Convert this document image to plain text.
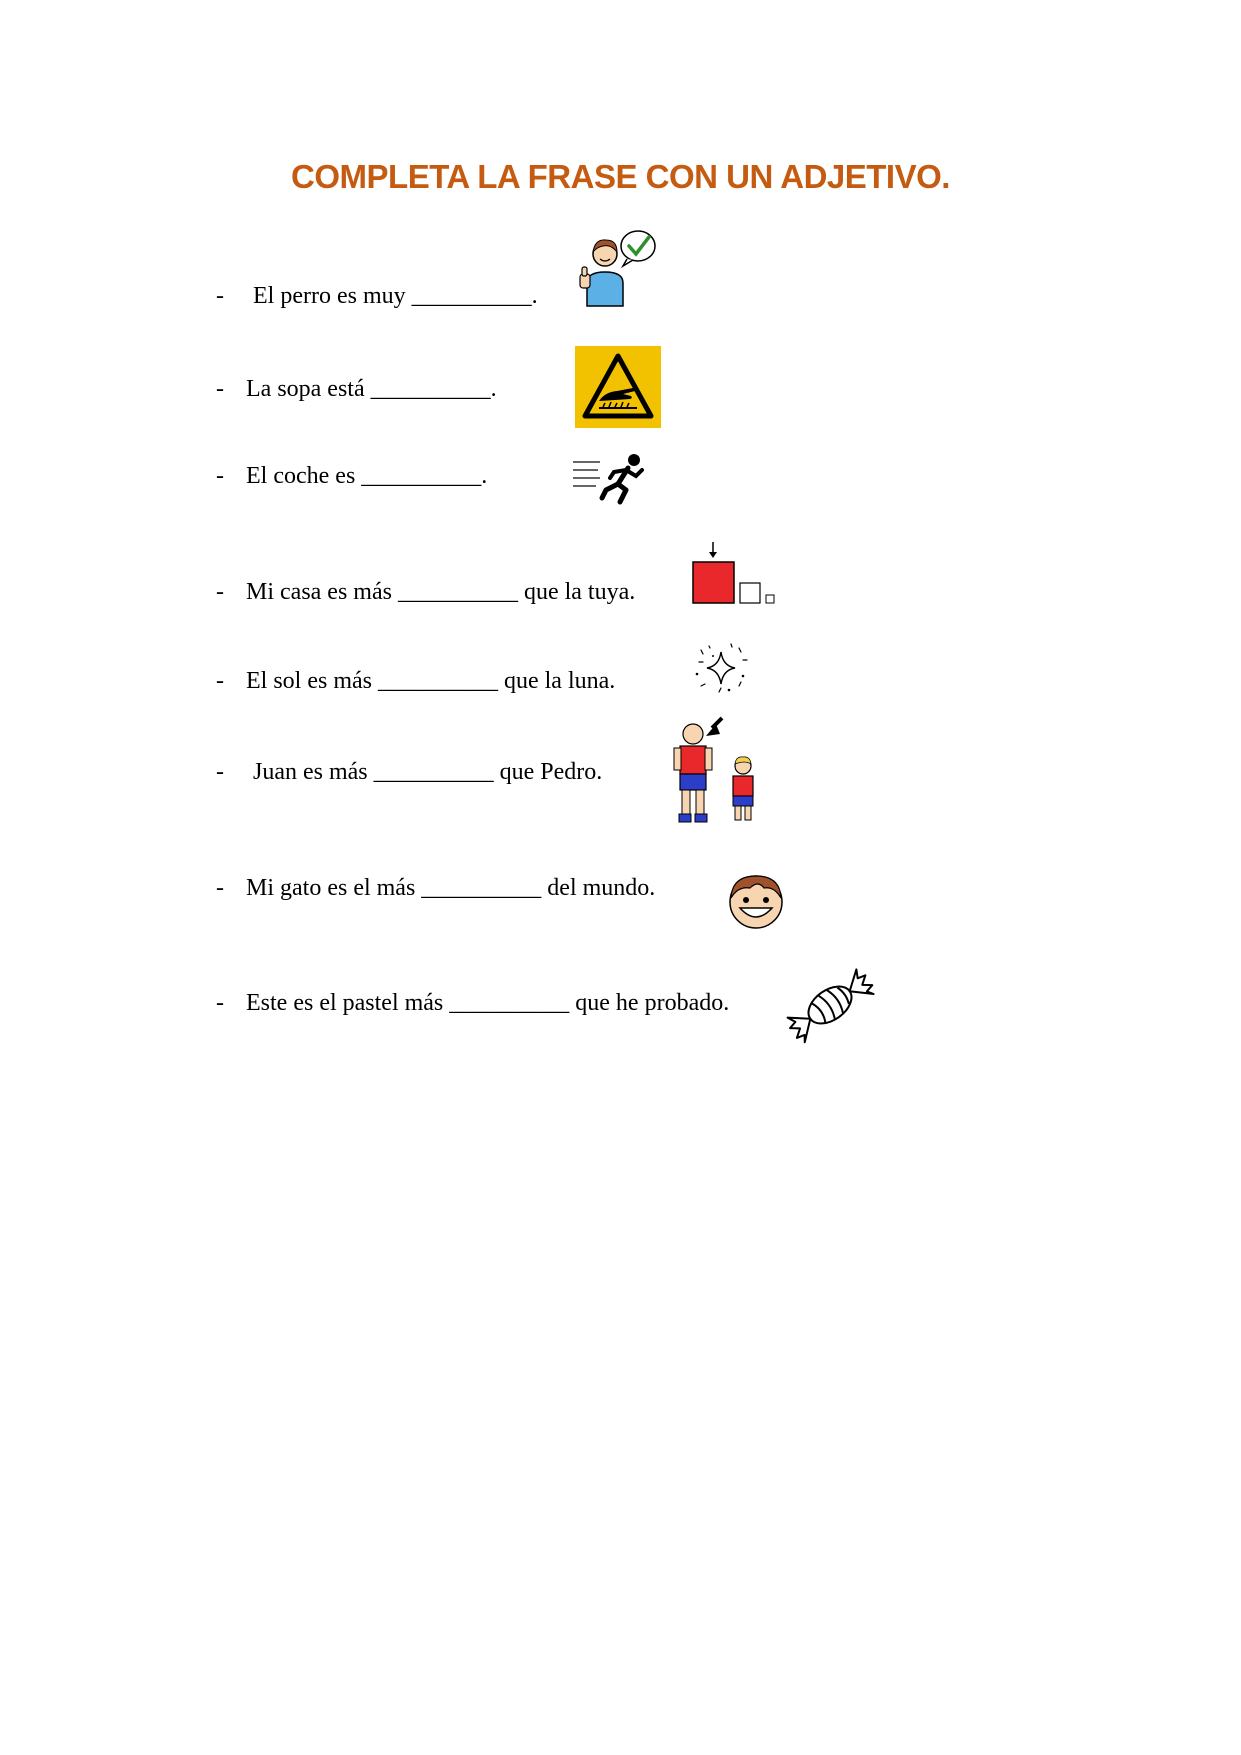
COMPLETA LA FRASE CON UN ADJETIVO.
- El perro es muy __________.
- La sopa está __________.
- El coche es __________.
- Mi casa es más __________ que la tuya.
- El sol es más __________ que la luna.
- Juan es más __________ que Pedro.
- Mi gato es el más __________ del mundo.
- Este es el pastel más __________ que he probado.
